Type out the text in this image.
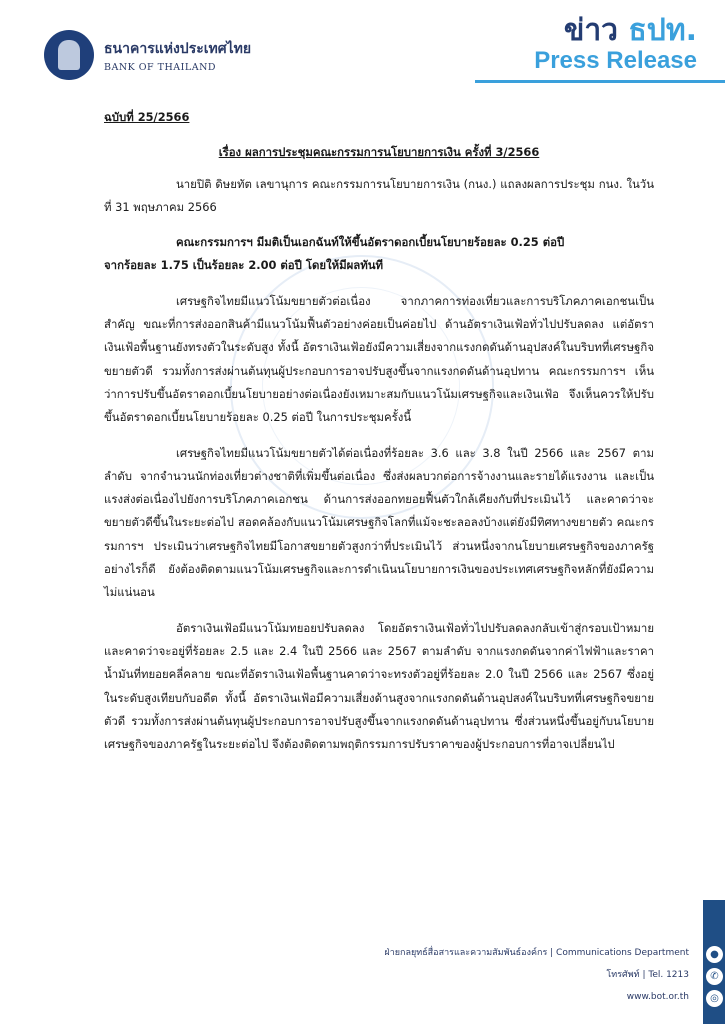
ธนาคารแห่งประเทศไทย
BANK OF THAILAND
ข่าว ธปท.
Press Release
ฉบับที่ 25/2566
เรื่อง ผลการประชุมคณะกรรมการนโยบายการเงิน ครั้งที่ 3/2566

นายปิติ ดิษยทัต เลขานุการ คณะกรรมการนโยบายการเงิน (กนง.) แถลงผลการประชุม กนง. ในวันที่ 31 พฤษภาคม 2566

คณะกรรมการฯ มีมติเป็นเอกฉันท์ให้ขึ้นอัตราดอกเบี้ยนโยบายร้อยละ 0.25 ต่อปี
จากร้อยละ 1.75 เป็นร้อยละ 2.00 ต่อปี โดยให้มีผลทันที

เศรษฐกิจไทยมีแนวโน้มขยายตัวต่อเนื่อง จากภาคการท่องเที่ยวและการบริโภคภาคเอกชนเป็นสำคัญ ขณะที่การส่งออกสินค้ามีแนวโน้มฟื้นตัวอย่างค่อยเป็นค่อยไป ด้านอัตราเงินเฟ้อทั่วไปปรับลดลง แต่อัตราเงินเฟ้อพื้นฐานยังทรงตัวในระดับสูง ทั้งนี้ อัตราเงินเฟ้อยังมีความเสี่ยงจากแรงกดดันด้านอุปสงค์ในบริบทที่เศรษฐกิจขยายตัวดี รวมทั้งการส่งผ่านต้นทุนผู้ประกอบการอาจปรับสูงขึ้นจากแรงกดดันด้านอุปทาน คณะกรรมการฯ เห็นว่าการปรับขึ้นอัตราดอกเบี้ยนโยบายอย่างต่อเนื่องยังเหมาะสมกับแนวโน้มเศรษฐกิจและเงินเฟ้อ จึงเห็นควรให้ปรับขึ้นอัตราดอกเบี้ยนโยบายร้อยละ 0.25 ต่อปี ในการประชุมครั้งนี้

เศรษฐกิจไทยมีแนวโน้มขยายตัวได้ต่อเนื่องที่ร้อยละ 3.6 และ 3.8 ในปี 2566 และ 2567 ตามลำดับ จากจำนวนนักท่องเที่ยวต่างชาติที่เพิ่มขึ้นต่อเนื่อง ซึ่งส่งผลบวกต่อการจ้างงานและรายได้แรงงาน และเป็นแรงส่งต่อเนื่องไปยังการบริโภคภาคเอกชน ด้านการส่งออกทยอยฟื้นตัวใกล้เคียงกับที่ประเมินไว้ และคาดว่าจะขยายตัวดีขึ้นในระยะต่อไป สอดคล้องกับแนวโน้มเศรษฐกิจโลกที่แม้จะชะลอลงบ้างแต่ยังมีทิศทางขยายตัว คณะกรรมการฯ ประเมินว่าเศรษฐกิจไทยมีโอกาสขยายตัวสูงกว่าที่ประเมินไว้ ส่วนหนึ่งจากนโยบายเศรษฐกิจของภาครัฐ อย่างไรก็ดี ยังต้องติดตามแนวโน้มเศรษฐกิจและการดำเนินนโยบายการเงินของประเทศเศรษฐกิจหลักที่ยังมีความไม่แน่นอน

อัตราเงินเฟ้อมีแนวโน้มทยอยปรับลดลง โดยอัตราเงินเฟ้อทั่วไปปรับลดลงกลับเข้าสู่กรอบเป้าหมายและคาดว่าจะอยู่ที่ร้อยละ 2.5 และ 2.4 ในปี 2566 และ 2567 ตามลำดับ จากแรงกดดันจากค่าไฟฟ้าและราคาน้ำมันที่ทยอยคลี่คลาย ขณะที่อัตราเงินเฟ้อพื้นฐานคาดว่าจะทรงตัวอยู่ที่ร้อยละ 2.0 ในปี 2566 และ 2567 ซึ่งอยู่ในระดับสูงเทียบกับอดีต ทั้งนี้ อัตราเงินเฟ้อมีความเสี่ยงด้านสูงจากแรงกดดันด้านอุปสงค์ในบริบทที่เศรษฐกิจขยายตัวดี รวมทั้งการส่งผ่านต้นทุนผู้ประกอบการอาจปรับสูงขึ้นจากแรงกดดันด้านอุปทาน ซึ่งส่วนหนึ่งขึ้นอยู่กับนโยบายเศรษฐกิจของภาครัฐในระยะต่อไป จึงต้องติดตามพฤติกรรมการปรับราคาของผู้ประกอบการที่อาจเปลี่ยนไป

ฝ่ายกลยุทธ์สื่อสารและความสัมพันธ์องค์กร | Communications Department
โทรศัพท์ | Tel. 1213
www.bot.or.th
●
✆
◎
